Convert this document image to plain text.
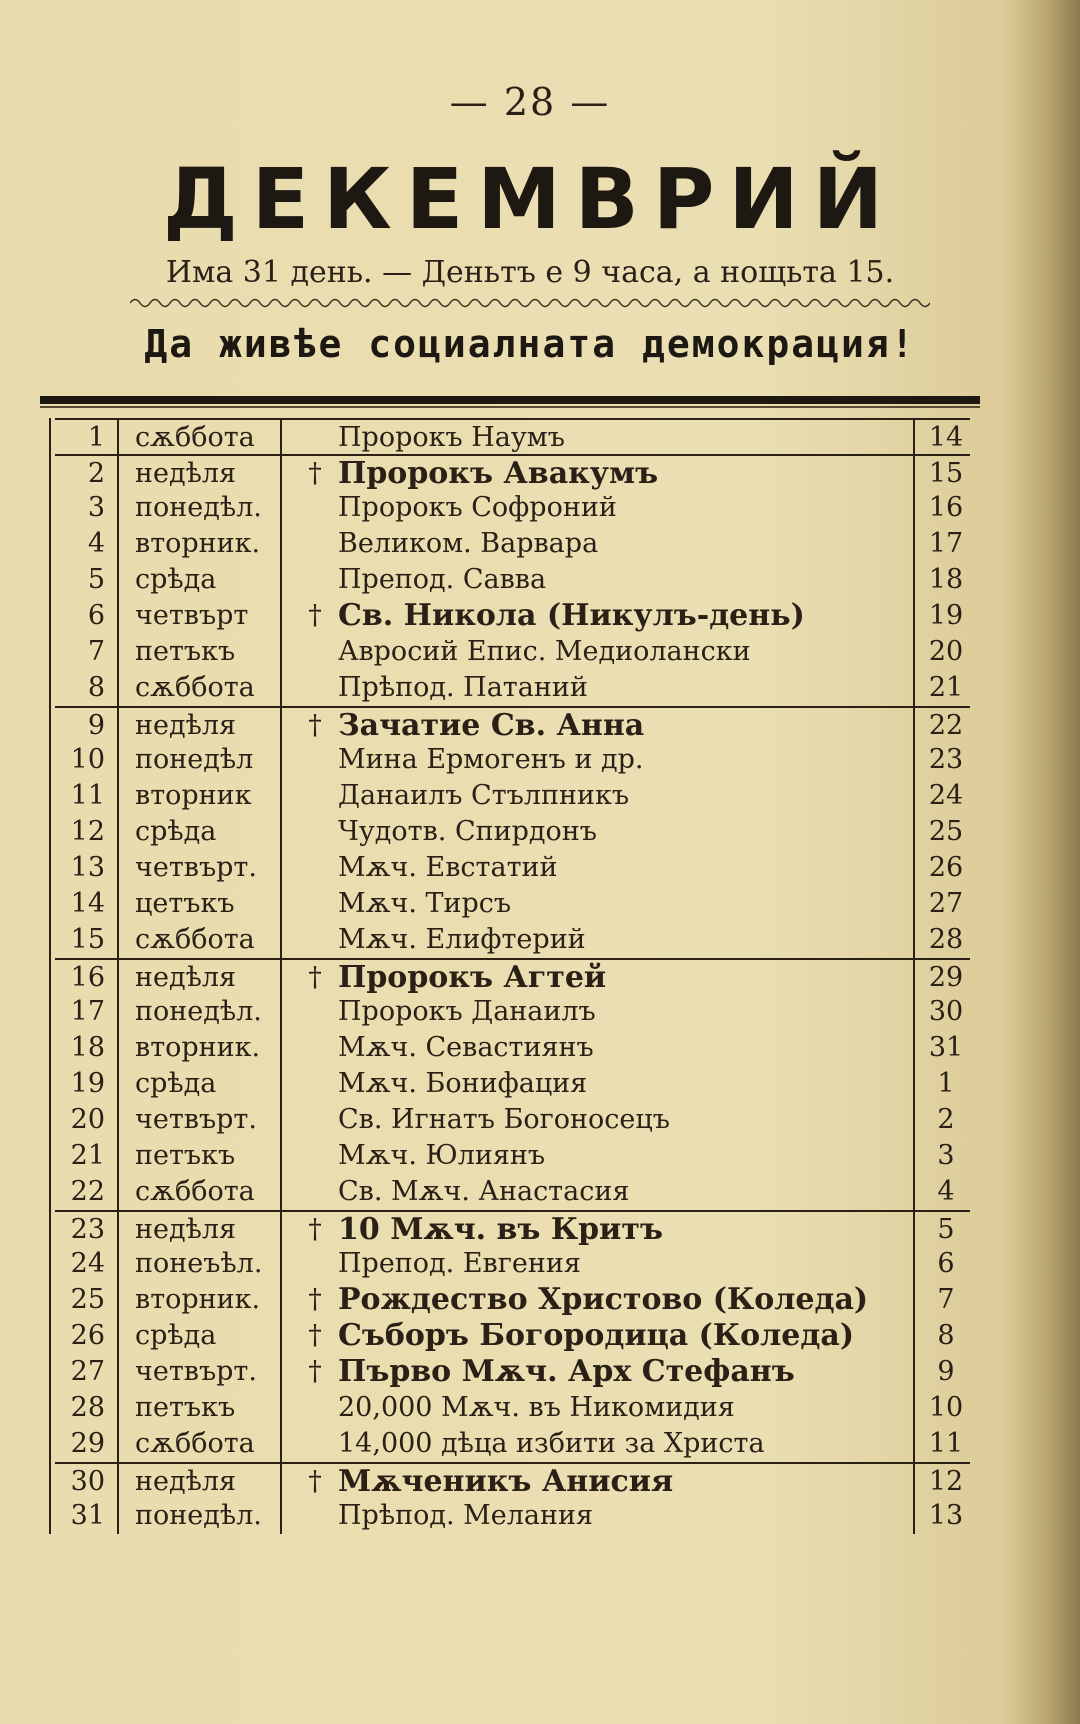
— 28 —
ДЕКЕМВРИЙ
Има 31 день. — Деньтъ е 9 часа, а нощьта 15.
Да живѣе социалната демокрация!
1 сѫббота	Пророкъ Наумъ	14
2 недѣля	† Пророкъ Авакумъ	15
3 понедѣл.	Пророкъ Софроний	16
4 вторник.	Великом. Варвара	17
5 срѣда	Препод. Савва	18
6 четвърт	† Св. Никола (Никулъ-день)	19
7 петъкъ	Авросий Епис. Медиолански	20
8 сѫббота	Прѣпод. Патаний	21
9 недѣля	† Зачатие Св. Анна	22
10 понедѣл	Мина Ермогенъ и др.	23
11 вторник	Данаилъ Стълпникъ	24
12 срѣда	Чудотв. Спирдонъ	25
13 четвърт.	Мѫч. Евстатий	26
14 цетъкъ	Мѫч. Тирсъ	27
15 сѫббота	Мѫч. Елифтерий	28
16 недѣля	† Пророкъ Агтей	29
17 понедѣл.	Пророкъ Данаилъ	30
18 вторник.	Мѫч. Севастиянъ	31
19 срѣда	Мѫч. Бонифация	1
20 четвърт.	Св. Игнатъ Богоносецъ	2
21 петъкъ	Мѫч. Юлиянъ	3
22 сѫббота	Св. Мѫч. Анастасия	4
23 недѣля	† 10 Мѫч. въ Критъ	5
24 понеъѣл.	Препод. Евгения	6
25 вторник.	† Рождество Христово (Коледа)	7
26 срѣда	† Съборъ Богородица (Коледа)	8
27 четвърт.	† Първо Мѫч. Арх Стефанъ	9
28 петъкъ	20,000 Мѫч. въ Никомидия	10
29 сѫббота	14,000 дѣца избити за Христа	11
30 недѣля	† Мѫченикъ Анисия	12
31 понедѣл.	Прѣпод. Мелания	13
